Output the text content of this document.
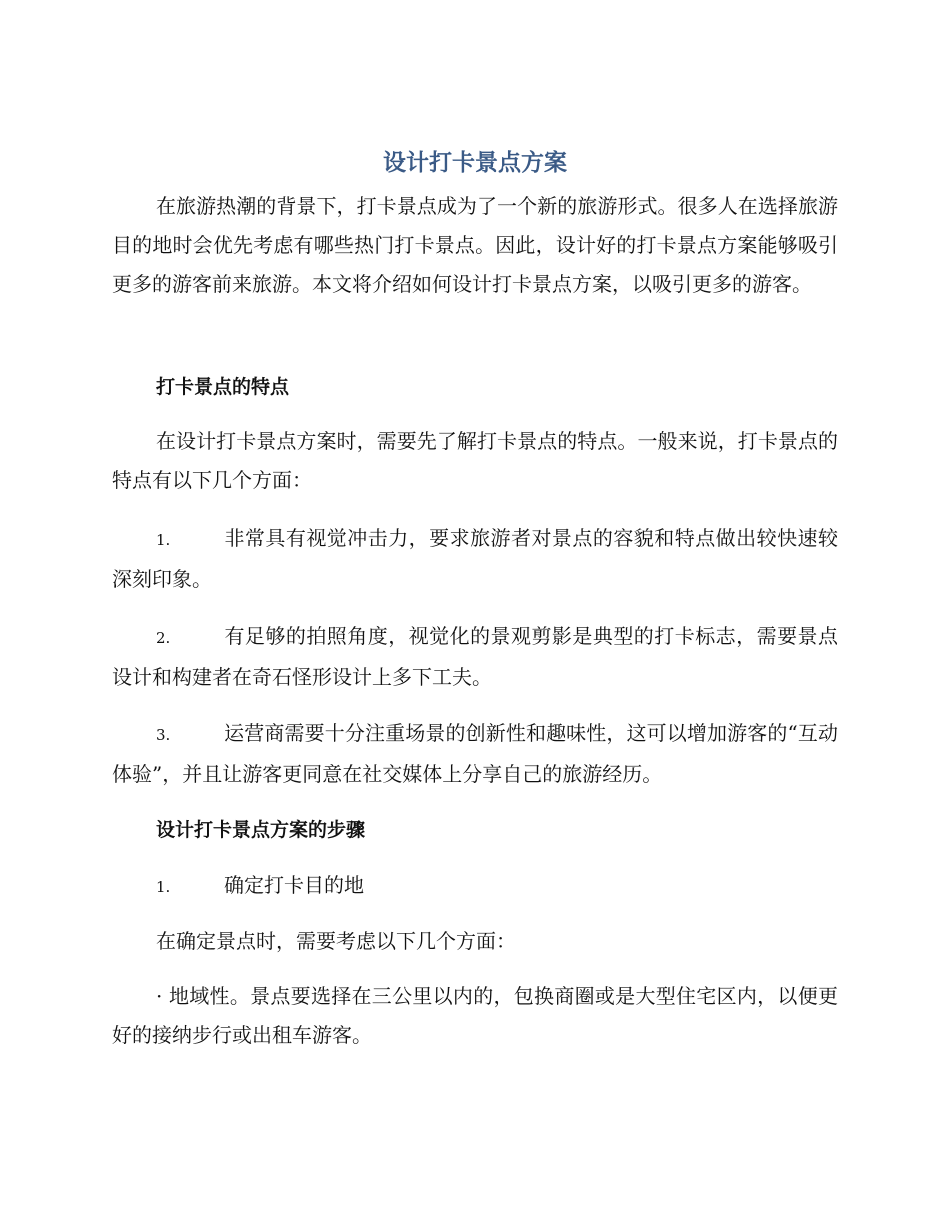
设计打卡景点方案

在旅游热潮的背景下，打卡景点成为了一个新的旅游形式。很多人在选择旅游目的地时会优先考虑有哪些热门打卡景点。因此，设计好的打卡景点方案能够吸引更多的游客前来旅游。本文将介绍如何设计打卡景点方案，以吸引更多的游客。

打卡景点的特点

在设计打卡景点方案时，需要先了解打卡景点的特点。一般来说，打卡景点的特点有以下几个方面：

1.	非常具有视觉冲击力，要求旅游者对景点的容貌和特点做出较快速较深刻印象。

2.	有足够的拍照角度，视觉化的景观剪影是典型的打卡标志，需要景点设计和构建者在奇石怪形设计上多下工夫。

3.	运营商需要十分注重场景的创新性和趣味性，这可以增加游客的“互动体验”，并且让游客更同意在社交媒体上分享自己的旅游经历。

设计打卡景点方案的步骤

1.	确定打卡目的地

在确定景点时，需要考虑以下几个方面：

· 地域性。景点要选择在三公里以内的，包换商圈或是大型住宅区内，以便更好的接纳步行或出租车游客。
